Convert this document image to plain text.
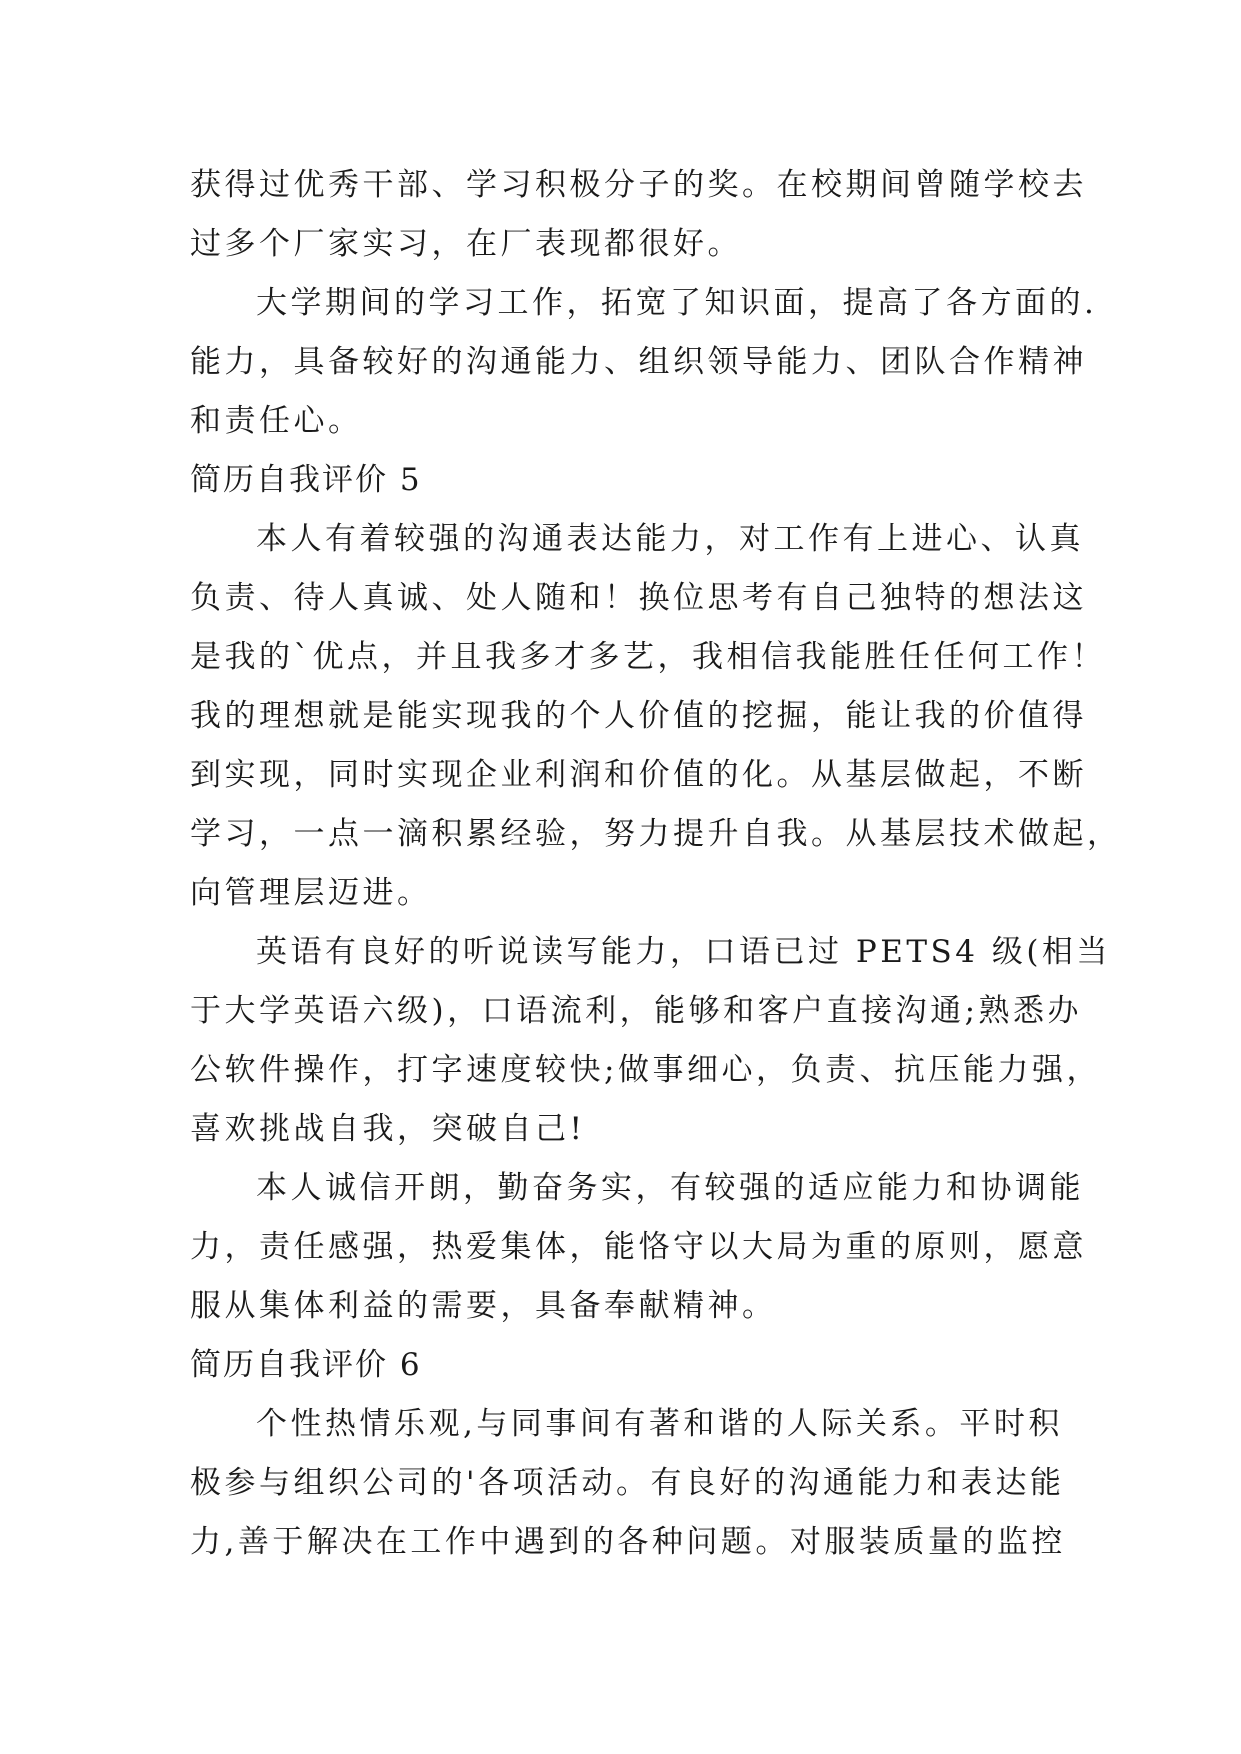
获得过优秀干部、学习积极分子的奖。在校期间曾随学校去
过多个厂家实习，在厂表现都很好。
大学期间的学习工作，拓宽了知识面，提高了各方面的.
能力，具备较好的沟通能力、组织领导能力、团队合作精神
和责任心。
简历自我评价 5
本人有着较强的沟通表达能力，对工作有上进心、认真
负责、待人真诚、处人随和！换位思考有自己独特的想法这
是我的`优点，并且我多才多艺，我相信我能胜任任何工作！
我的理想就是能实现我的个人价值的挖掘，能让我的价值得
到实现，同时实现企业利润和价值的化。从基层做起，不断
学习，一点一滴积累经验，努力提升自我。从基层技术做起，
向管理层迈进。
英语有良好的听说读写能力，口语已过 PETS4 级(相当
于大学英语六级)，口语流利，能够和客户直接沟通;熟悉办
公软件操作，打字速度较快;做事细心，负责、抗压能力强，
喜欢挑战自我，突破自己!
本人诚信开朗，勤奋务实，有较强的适应能力和协调能
力，责任感强，热爱集体，能恪守以大局为重的原则，愿意
服从集体利益的需要，具备奉献精神。
简历自我评价 6
个性热情乐观,与同事间有著和谐的人际关系。平时积
极参与组织公司的'各项活动。有良好的沟通能力和表达能
力,善于解决在工作中遇到的各种问题。对服装质量的监控
